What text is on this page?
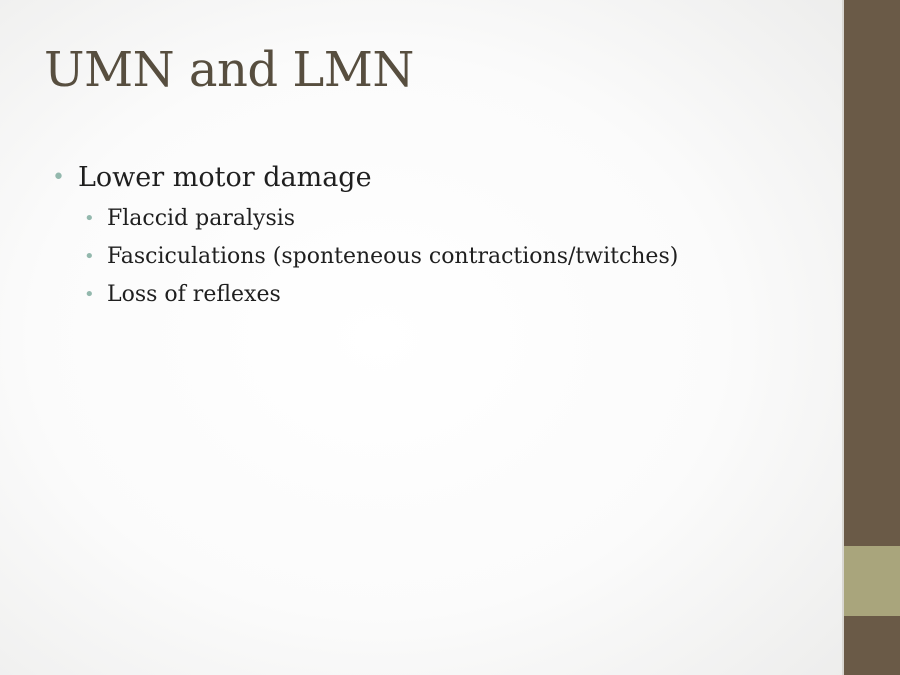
UMN and LMN
• Lower motor damage
• Flaccid paralysis
• Fasciculations (sponteneous contractions/twitches)
• Loss of reflexes
